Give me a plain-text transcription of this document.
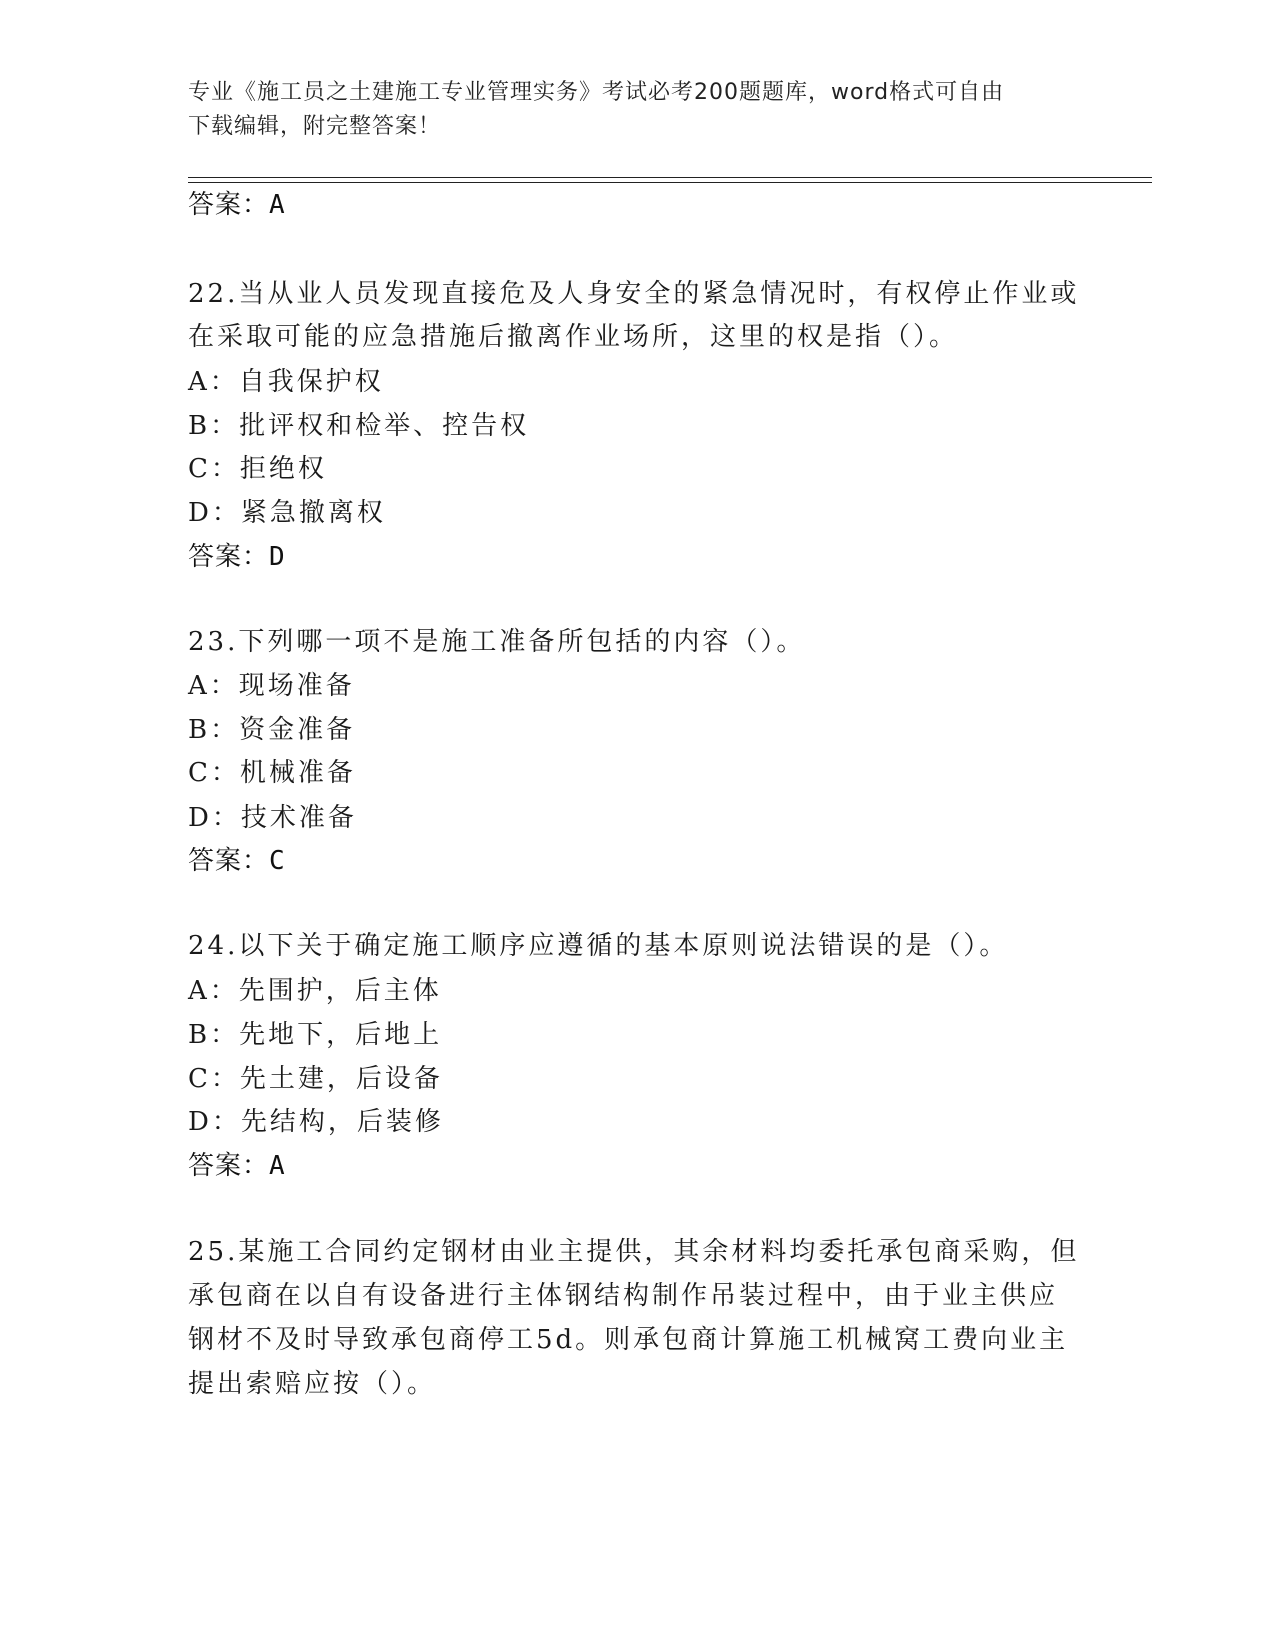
专业《施工员之土建施工专业管理实务》考试必考200题题库，word格式可自由
下载编辑，附完整答案！
答案：A
22.当从业人员发现直接危及人身安全的紧急情况时，有权停止作业或
在采取可能的应急措施后撤离作业场所，这里的权是指（）。
A：自我保护权
B：批评权和检举、控告权
C：拒绝权
D：紧急撤离权
答案：D
23.下列哪一项不是施工准备所包括的内容（）。
A：现场准备
B：资金准备
C：机械准备
D：技术准备
答案：C
24.以下关于确定施工顺序应遵循的基本原则说法错误的是（）。
A：先围护，后主体
B：先地下，后地上
C：先土建，后设备
D：先结构，后装修
答案：A
25.某施工合同约定钢材由业主提供，其余材料均委托承包商采购，但
承包商在以自有设备进行主体钢结构制作吊装过程中，由于业主供应
钢材不及时导致承包商停工5d。则承包商计算施工机械窝工费向业主
提出索赔应按（）。
